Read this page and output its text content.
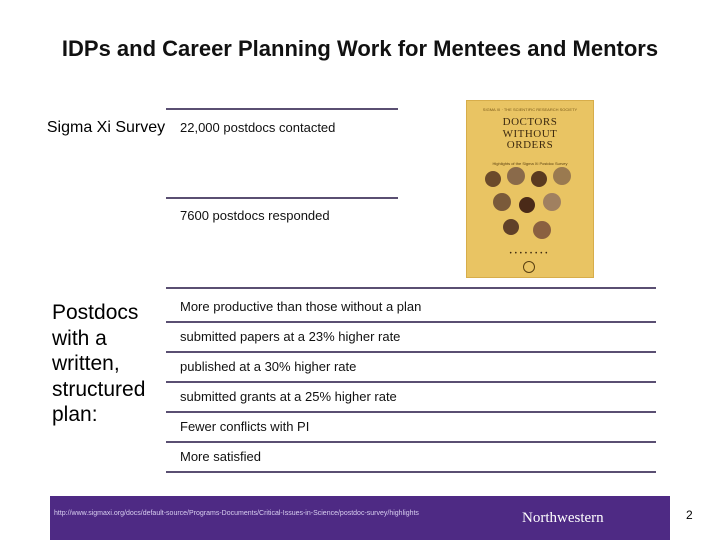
IDPs and Career Planning Work for Mentees and Mentors
Sigma Xi Survey 22,000 postdocs contacted
7600 postdocs responded
SIGMA XI · THE SCIENTIFIC RESEARCH SOCIETY
DOCTORS
WITHOUT
ORDERS
Highlights of the Sigma Xi Postdoc Survey
••••••••
Postdocs with a written, structured plan:
More productive than those without a plan
submitted papers at a 23% higher rate
published at a 30% higher rate
submitted grants at a 25% higher rate
Fewer conflicts with PI
More satisfied
http://www.sigmaxi.org/docs/default-source/Programs-Documents/Critical-Issues-in-Science/postdoc-survey/highlights	Northwestern	2
